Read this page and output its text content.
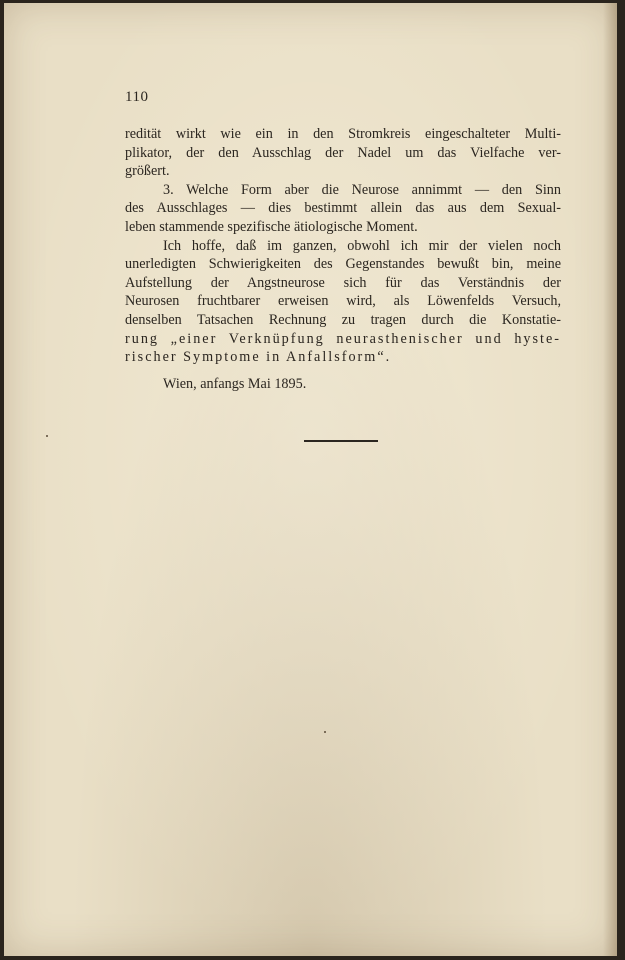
110

redität wirkt wie ein in den Stromkreis eingeschalteter Multi-
plikator, der den Ausschlag der Nadel um das Vielfache ver-
größert.

3. Welche Form aber die Neurose annimmt — den Sinn
des Ausschlages — dies bestimmt allein das aus dem Sexual-
leben stammende spezifische ätiologische Moment.

Ich hoffe, daß im ganzen, obwohl ich mir der vielen noch
unerledigten Schwierigkeiten des Gegenstandes bewußt bin, meine
Aufstellung der Angstneurose sich für das Verständnis der
Neurosen fruchtbarer erweisen wird, als Löwenfelds Versuch,
denselben Tatsachen Rechnung zu tragen durch die Konstatie-
rung „einer Verknüpfung neurasthenischer und hyste-
rischer Symptome in Anfallsform“.

Wien, anfangs Mai 1895.
